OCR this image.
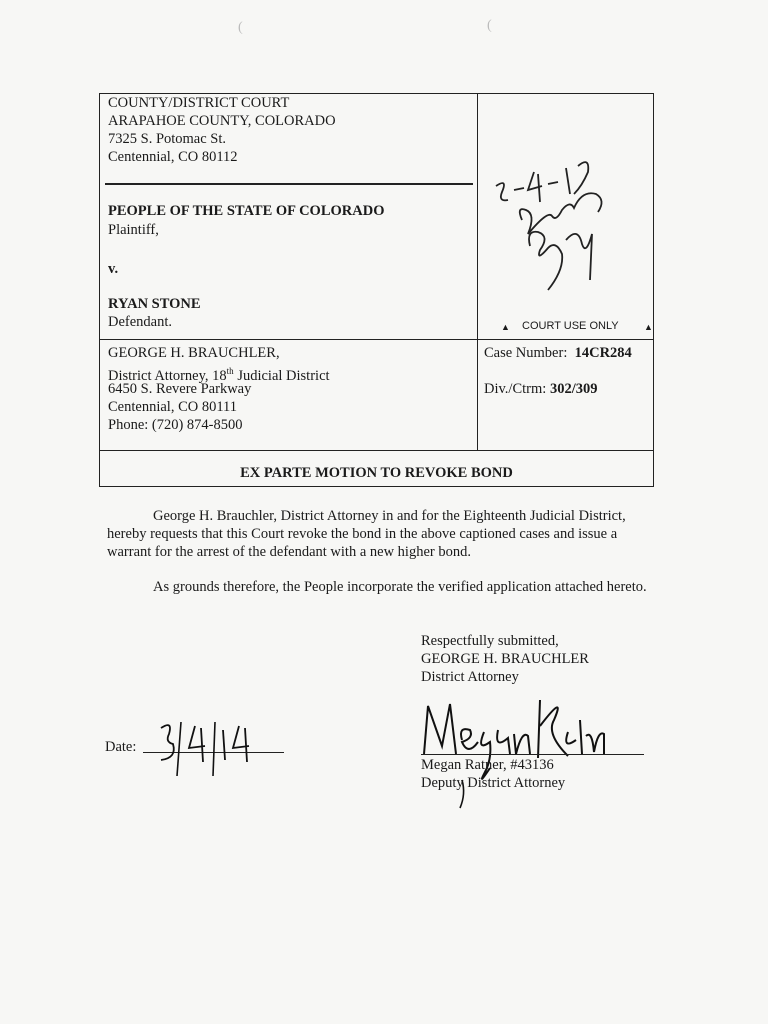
(	(
COUNTY/DISTRICT COURT
ARAPAHOE COUNTY, COLORADO
7325 S. Potomac St.
Centennial, CO 80112
PEOPLE OF THE STATE OF COLORADO
Plaintiff,
v.
RYAN STONE
Defendant.	▲ COURT USE ONLY	▲
GEORGE H. BRAUCHLER,
District Attorney, 18th Judicial District
6450 S. Revere Parkway
Centennial, CO 80111
Phone: (720) 874-8500
Case Number: 14CR284
Div./Ctrm: 302/309
EX PARTE MOTION TO REVOKE BOND
George H. Brauchler, District Attorney in and for the Eighteenth Judicial District, hereby requests that this Court revoke the bond in the above captioned cases and issue a warrant for the arrest of the defendant with a new higher bond.
As grounds therefore, the People incorporate the verified application attached hereto.
Respectfully submitted,
GEORGE H. BRAUCHLER
District Attorney
Megan Ratner, #43136
Deputy District Attorney
Date:
